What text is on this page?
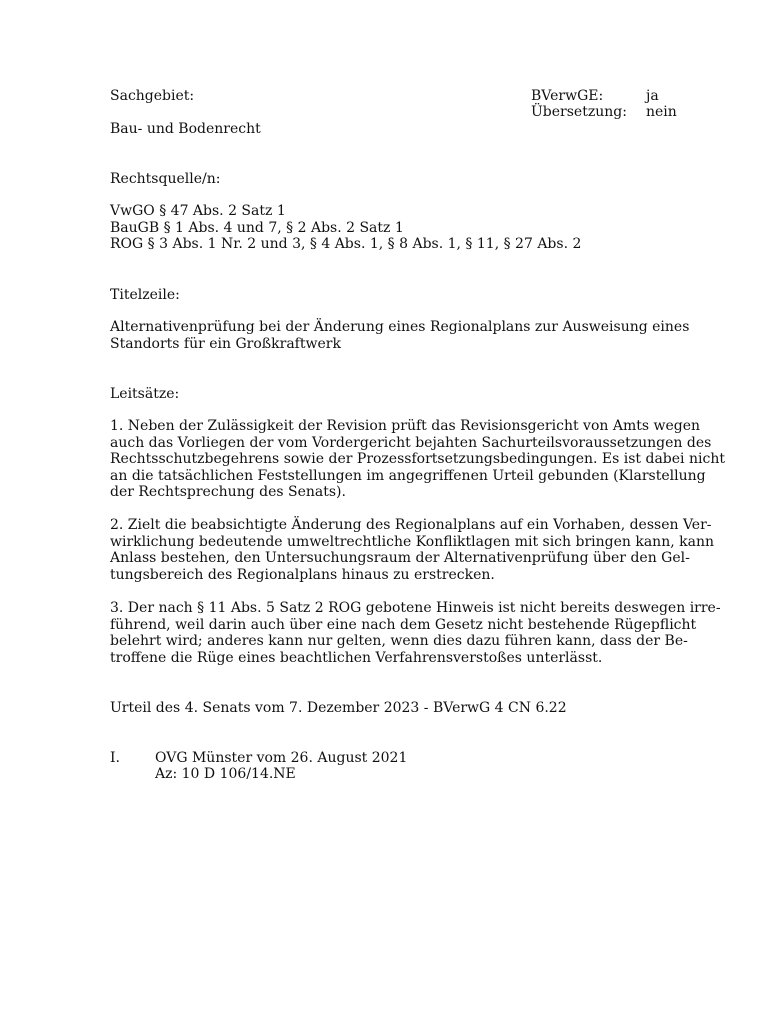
Sachgebiet:	BVerwGE:	ja
Übersetzung: nein
Bau- und Bodenrecht
Rechtsquelle/n:
VwGO § 47 Abs. 2 Satz 1
BauGB § 1 Abs. 4 und 7, § 2 Abs. 2 Satz 1
ROG § 3 Abs. 1 Nr. 2 und 3, § 4 Abs. 1, § 8 Abs. 1, § 11, § 27 Abs. 2
Titelzeile:
Alternativenprüfung bei der Änderung eines Regionalplans zur Ausweisung eines
Standorts für ein Großkraftwerk
Leitsätze:
1. Neben der Zulässigkeit der Revision prüft das Revisionsgericht von Amts wegen
auch das Vorliegen der vom Vordergericht bejahten Sachurteilsvoraussetzungen des
Rechtsschutzbegehrens sowie der Prozessfortsetzungsbedingungen. Es ist dabei nicht
an die tatsächlichen Feststellungen im angegriffenen Urteil gebunden (Klarstellung
der Rechtsprechung des Senats).
2. Zielt die beabsichtigte Änderung des Regionalplans auf ein Vorhaben, dessen Ver-
wirklichung bedeutende umweltrechtliche Konfliktlagen mit sich bringen kann, kann
Anlass bestehen, den Untersuchungsraum der Alternativenprüfung über den Gel-
tungsbereich des Regionalplans hinaus zu erstrecken.
3. Der nach § 11 Abs. 5 Satz 2 ROG gebotene Hinweis ist nicht bereits deswegen irre-
führend, weil darin auch über eine nach dem Gesetz nicht bestehende Rügepflicht
belehrt wird; anderes kann nur gelten, wenn dies dazu führen kann, dass der Be-
troffene die Rüge eines beachtlichen Verfahrensverstoßes unterlässt.
Urteil des 4. Senats vom 7. Dezember 2023 - BVerwG 4 CN 6.22
I.	OVG Münster vom 26. August 2021
Az: 10 D 106/14.NE
